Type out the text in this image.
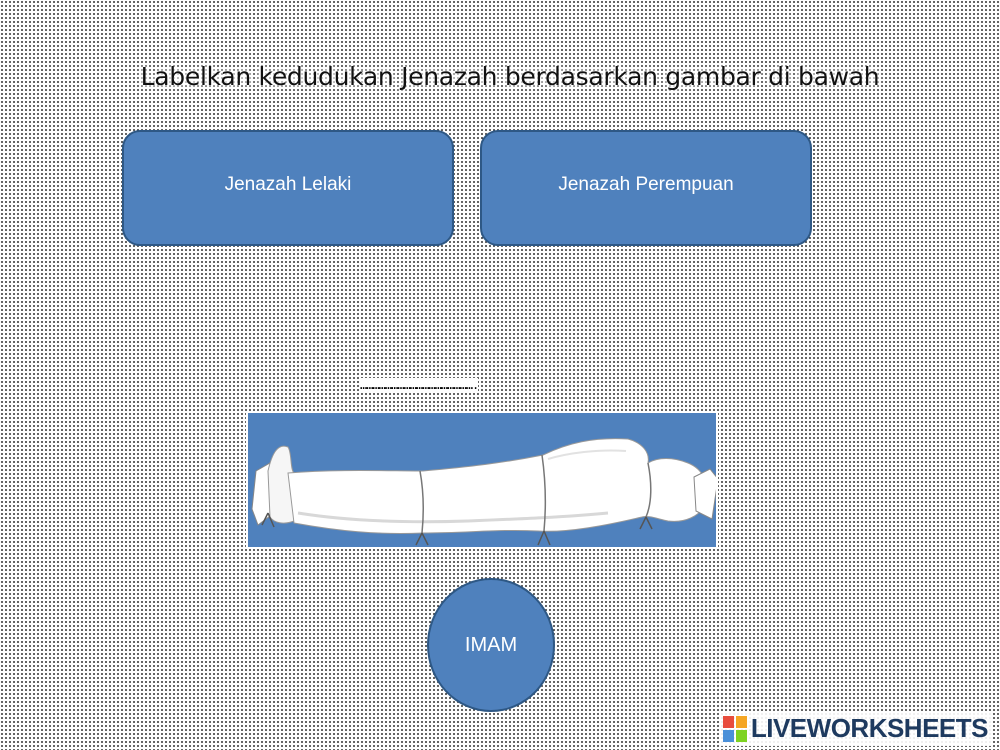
Labelkan kedudukan Jenazah berdasarkan gambar di bawah
Jenazah Lelaki	Jenazah Perempuan
……………………………………………….
IMAM
LIVEWORKSHEETS
